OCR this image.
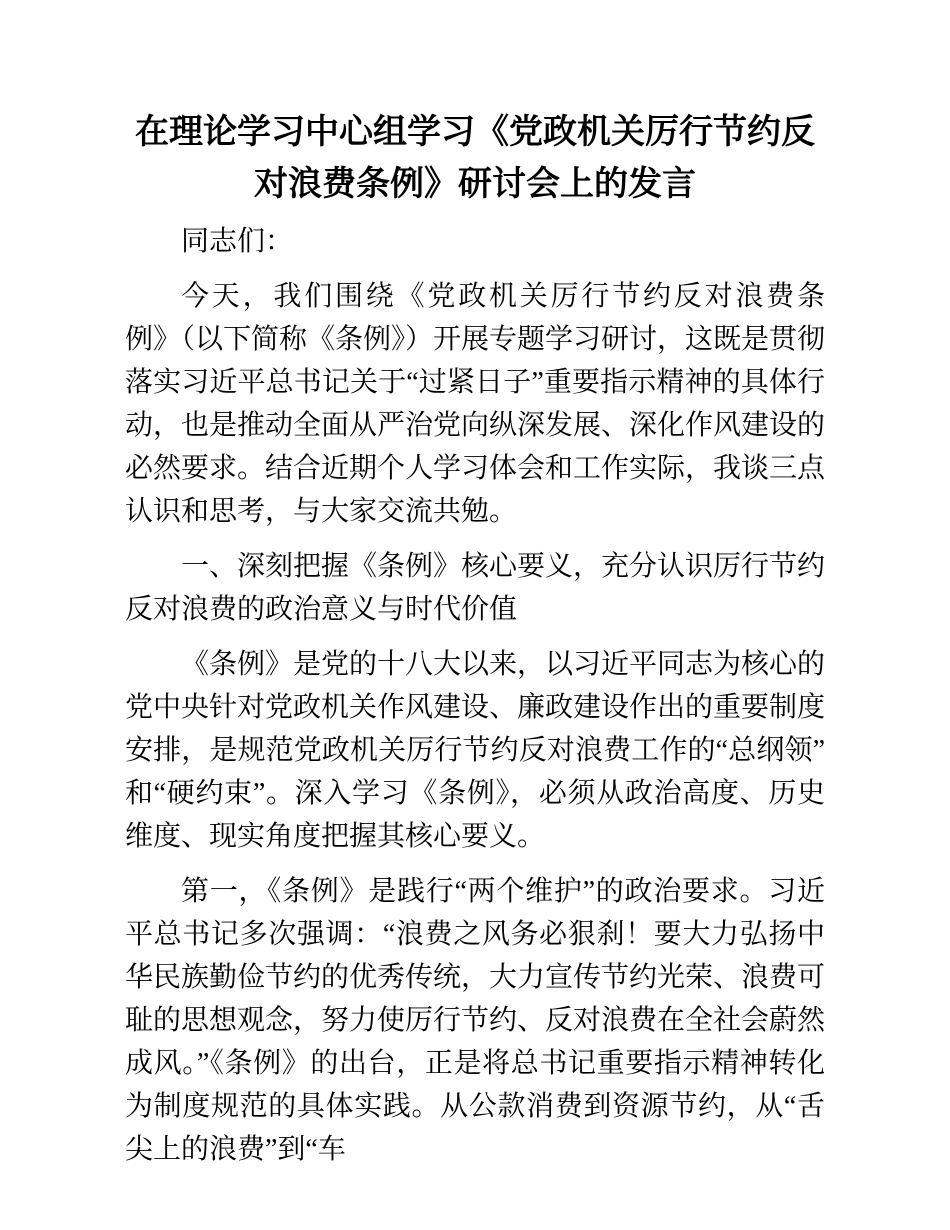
在理论学习中心组学习《党政机关厉行节约反对浪费条例》研讨会上的发言

同志们：

今天，我们围绕《党政机关厉行节约反对浪费条例》（以下简称《条例》）开展专题学习研讨，这既是贯彻落实习近平总书记关于“过紧日子”重要指示精神的具体行动，也是推动全面从严治党向纵深发展、深化作风建设的必然要求。结合近期个人学习体会和工作实际，我谈三点认识和思考，与大家交流共勉。

一、深刻把握《条例》核心要义，充分认识厉行节约反对浪费的政治意义与时代价值

《条例》是党的十八大以来，以习近平同志为核心的党中央针对党政机关作风建设、廉政建设作出的重要制度安排，是规范党政机关厉行节约反对浪费工作的“总纲领”和“硬约束”。深入学习《条例》，必须从政治高度、历史维度、现实角度把握其核心要义。

第一，《条例》是践行“两个维护”的政治要求。习近平总书记多次强调：“浪费之风务必狠刹！要大力弘扬中华民族勤俭节约的优秀传统，大力宣传节约光荣、浪费可耻的思想观念，努力使厉行节约、反对浪费在全社会蔚然成风。”《条例》的出台，正是将总书记重要指示精神转化为制度规范的具体实践。从公款消费到资源节约，从“舌尖上的浪费”到“车
